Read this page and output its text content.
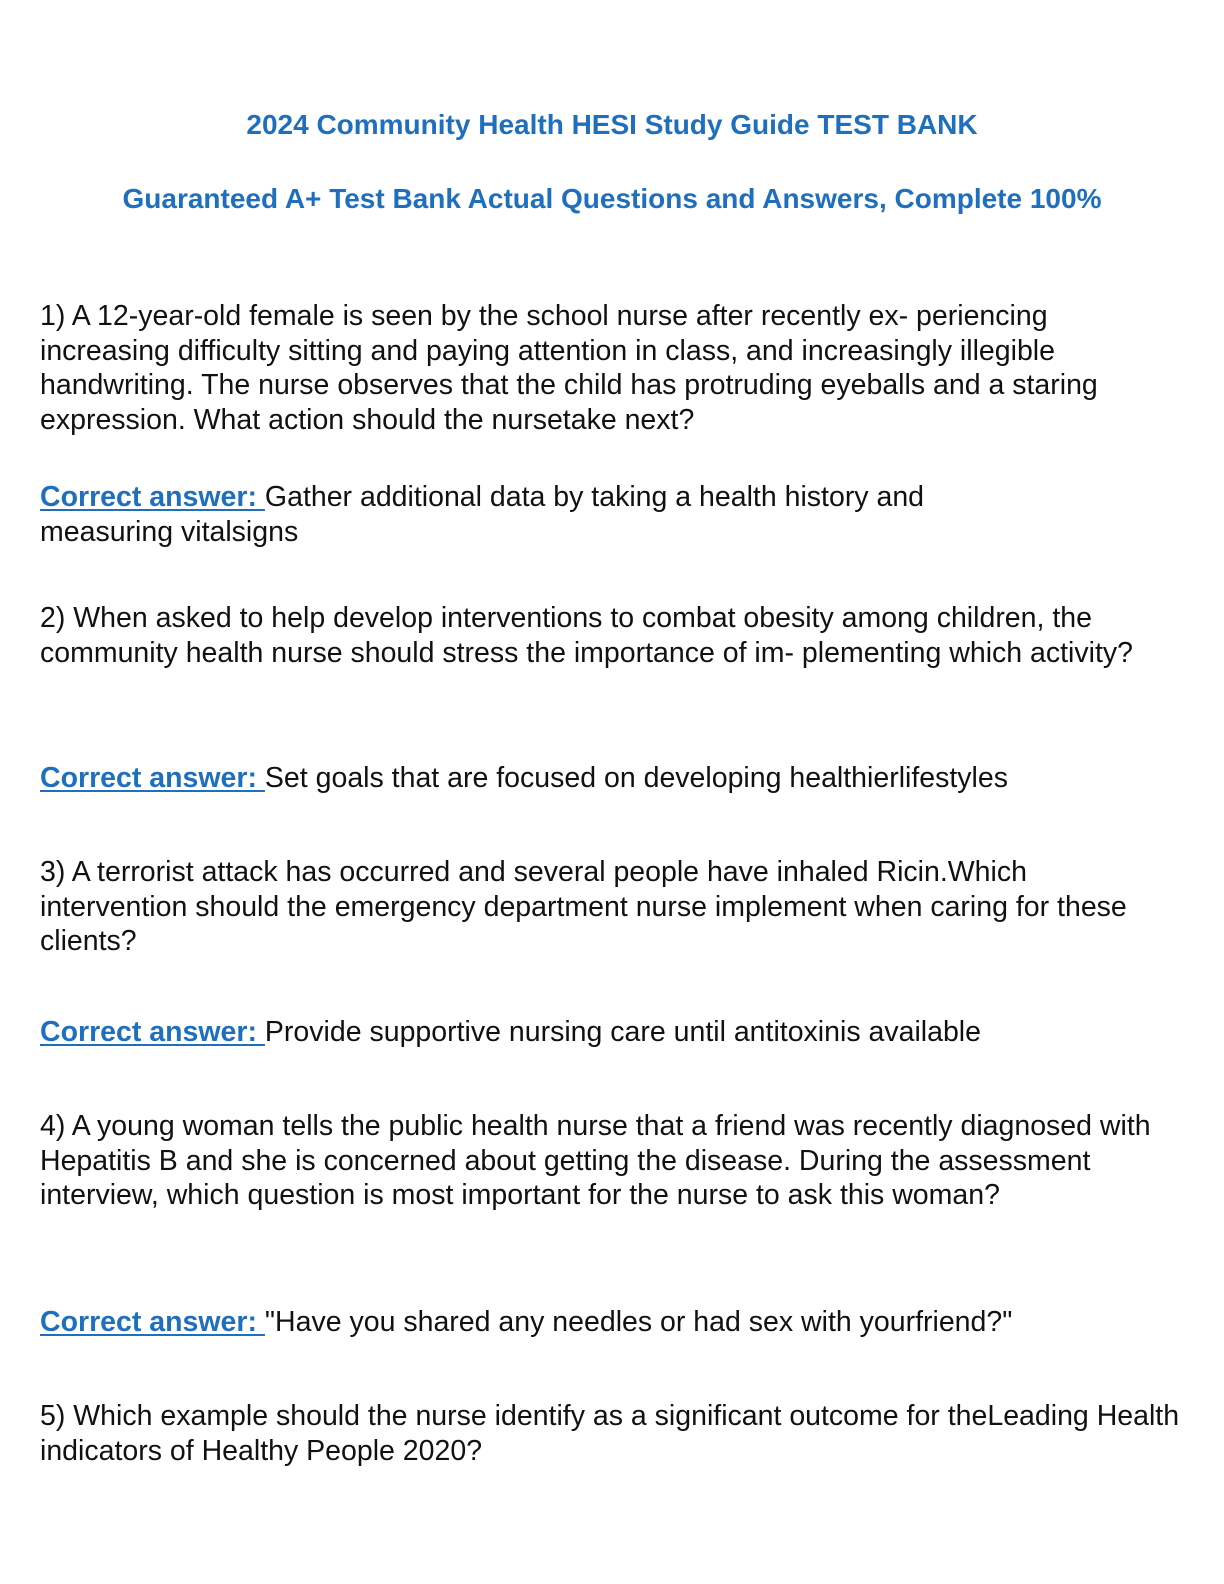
2024 Community Health HESI Study Guide TEST BANK
Guaranteed A+ Test Bank Actual Questions and Answers, Complete 100%

1) A 12-year-old female is seen by the school nurse after recently ex- periencing increasing difficulty sitting and paying attention in class, and increasingly illegible handwriting. The nurse observes that the child has protruding eyeballs and a staring expression. What action should the nursetake next?

Correct answer: Gather additional data by taking a health history and measuring vitalsigns

2) When asked to help develop interventions to combat obesity among children, the community health nurse should stress the importance of im- plementing which activity?

Correct answer: Set goals that are focused on developing healthierlifestyles

3) A terrorist attack has occurred and several people have inhaled Ricin.Which intervention should the emergency department nurse implement when caring for these clients?

Correct answer: Provide supportive nursing care until antitoxinis available

4) A young woman tells the public health nurse that a friend was recently diagnosed with Hepatitis B and she is concerned about getting the disease. During the assessment interview, which question is most important for the nurse to ask this woman?

Correct answer: "Have you shared any needles or had sex with yourfriend?"

5) Which example should the nurse identify as a significant outcome for theLeading Health indicators of Healthy People 2020?
